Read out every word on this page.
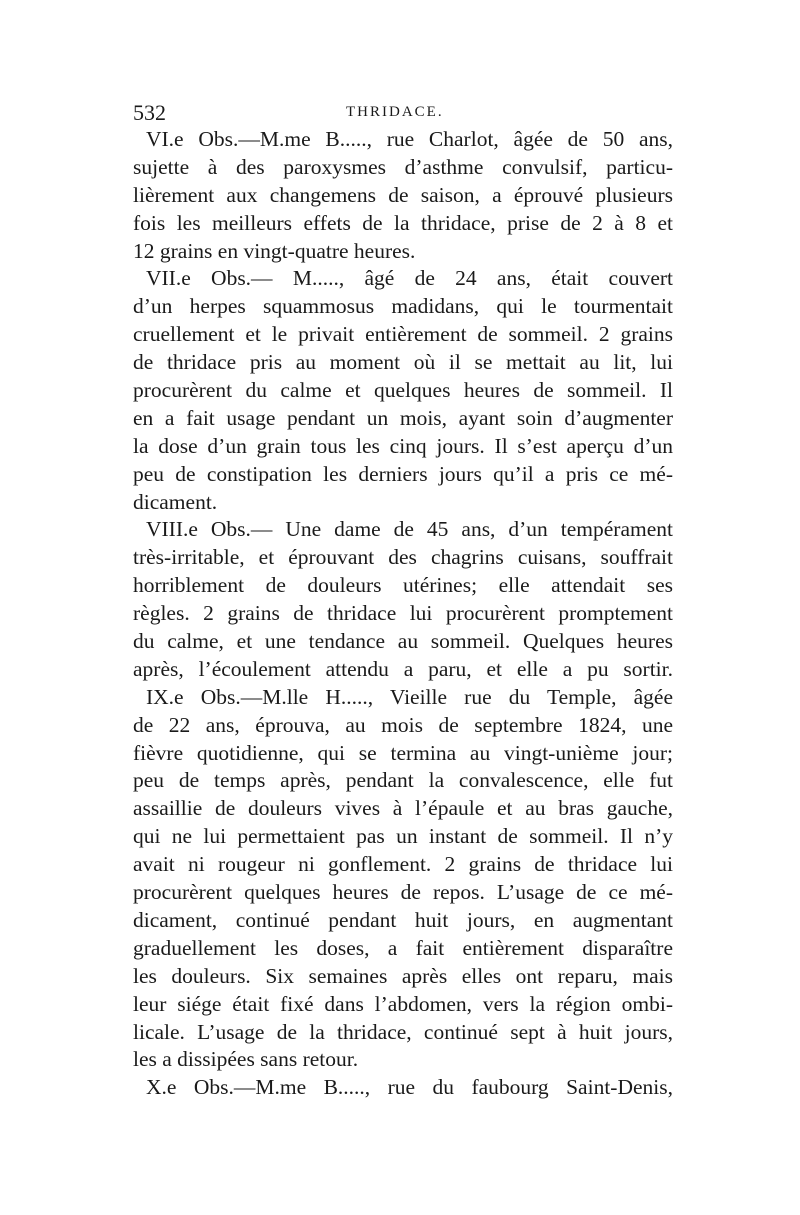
532	THRIDACE.
VI.e Obs.—M.me B....., rue Charlot, âgée de 50 ans,
sujette à des paroxysmes d’asthme convulsif, particu-
lièrement aux changemens de saison, a éprouvé plusieurs
fois les meilleurs effets de la thridace, prise de 2 à 8 et
12 grains en vingt-quatre heures.
VII.e Obs.— M....., âgé de 24 ans, était couvert
d’un herpes squammosus madidans, qui le tourmentait
cruellement et le privait entièrement de sommeil. 2 grains
de thridace pris au moment où il se mettait au lit, lui
procurèrent du calme et quelques heures de sommeil. Il
en a fait usage pendant un mois, ayant soin d’augmenter
la dose d’un grain tous les cinq jours. Il s’est aperçu d’un
peu de constipation les derniers jours qu’il a pris ce mé-
dicament.
VIII.e Obs.— Une dame de 45 ans, d’un tempérament
très-irritable, et éprouvant des chagrins cuisans, souffrait
horriblement de douleurs utérines; elle attendait ses
règles. 2 grains de thridace lui procurèrent promptement
du calme, et une tendance au sommeil. Quelques heures
après, l’écoulement attendu a paru, et elle a pu sortir.
IX.e Obs.—M.lle H....., Vieille rue du Temple, âgée
de 22 ans, éprouva, au mois de septembre 1824, une
fièvre quotidienne, qui se termina au vingt-unième jour;
peu de temps après, pendant la convalescence, elle fut
assaillie de douleurs vives à l’épaule et au bras gauche,
qui ne lui permettaient pas un instant de sommeil. Il n’y
avait ni rougeur ni gonflement. 2 grains de thridace lui
procurèrent quelques heures de repos. L’usage de ce mé-
dicament, continué pendant huit jours, en augmentant
graduellement les doses, a fait entièrement disparaître
les douleurs. Six semaines après elles ont reparu, mais
leur siége était fixé dans l’abdomen, vers la région ombi-
licale. L’usage de la thridace, continué sept à huit jours,
les a dissipées sans retour.
X.e Obs.—M.me B....., rue du faubourg Saint-Denis,
